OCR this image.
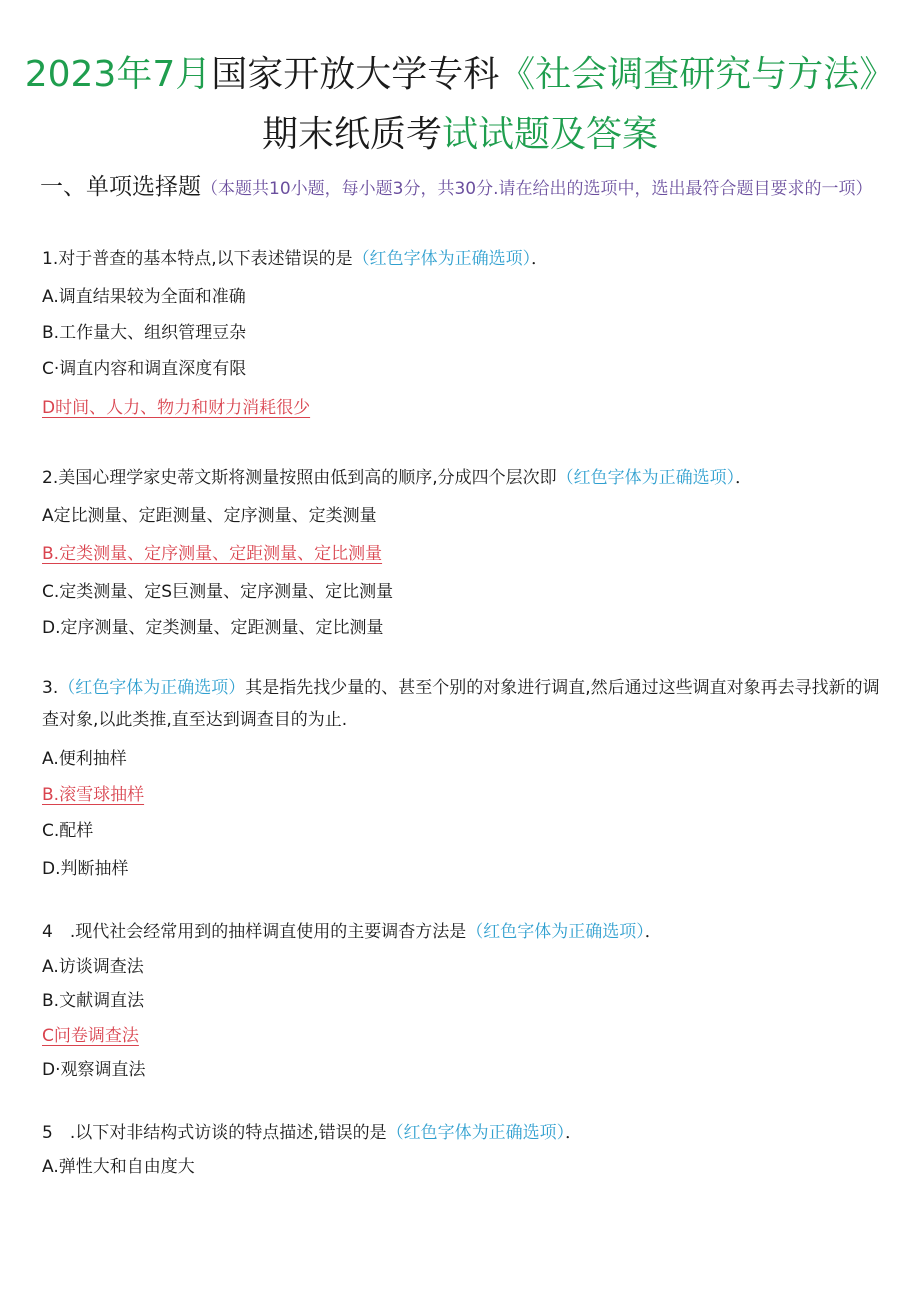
2023年7月国家开放大学专科《社会调查研究与方法》
期末纸质考试试题及答案
一、单项选择题（本题共10小题，每小题3分，共30分.请在给出的选项中，选出最符合题目要求的一项）
1.对于普查的基本特点,以下表述错误的是（红色字体为正确选项）．
A.调直结果较为全面和准确
B.工作量大、组织管理豆杂
C·调直内容和调直深度有限
D时间、人力、物力和财力消耗很少
2.美国心理学家史蒂文斯将测量按照由低到高的顺序,分成四个层次即（红色字体为正确选项）．
A定比测量、定距测量、定序测量、定类测量
B.定类测量、定序测量、定距测量、定比测量
C.定类测量、定S巨测量、定序测量、定比测量
D.定序测量、定类测量、定距测量、定比测量
3.（红色字体为正确选项）其是指先找少量的、甚至个别的对象进行调直,然后通过这些调直对象再去寻找新的调查对象,以此类推,直至达到调查目的为止.
A.便利抽样
B.滚雪球抽样
C.配样
D.判断抽样
4　.现代社会经常用到的抽样调直使用的主要调杳方法是（红色字体为正确选项）．
A.访谈调查法
B.文献调直法
C问卷调查法
D·观察调直法
5　.以下对非结构式访谈的特点描述,错误的是（红色字体为正确选项）．
A.弹性大和自由度大
